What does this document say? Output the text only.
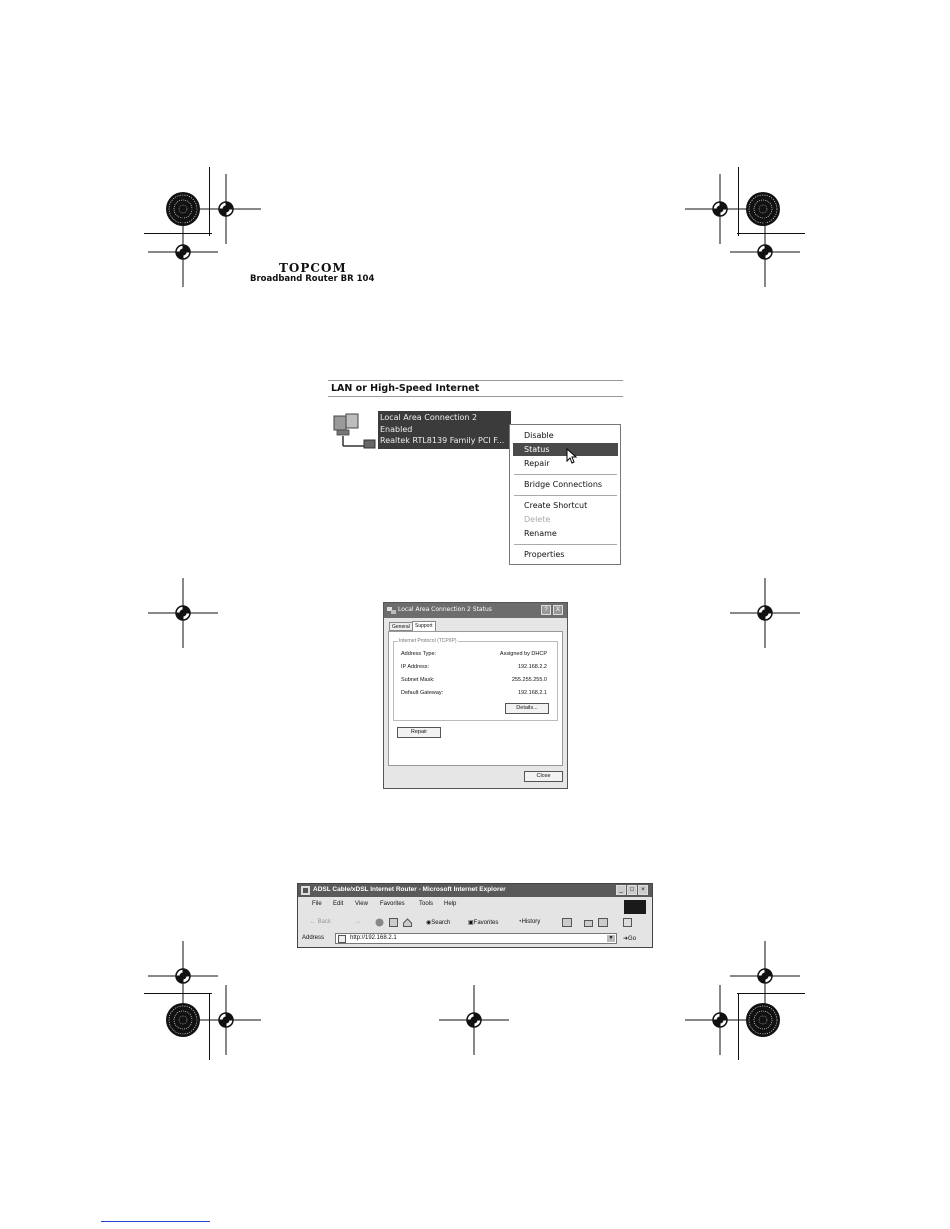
TOPCOM
Broadband Router BR 104
LAN or High-Speed Internet
Local Area Connection 2
Enabled
Realtek RTL8139 Family PCI F...
Disable
Status
Repair
Bridge Connections
Create Shortcut
Delete
Rename
Properties
Local Area Connection 2 Status	?	X
General	Support
Internet Protocol (TCP/IP)
Address Type:	Assigned by DHCP
IP Address:	192.168.2.2
Subnet Mask:	255.255.255.0
Default Gateway:	192.168.2.1
Details...
Repair
Close
ADSL Cable/xDSL Internet Router - Microsoft Internet Explorer	_	□	×
File Edit View Favorites Tools Help
← Back	→	◉Search	▣Favorites	◔History
Address	http://192.168.2.1	▼ ➜Go
